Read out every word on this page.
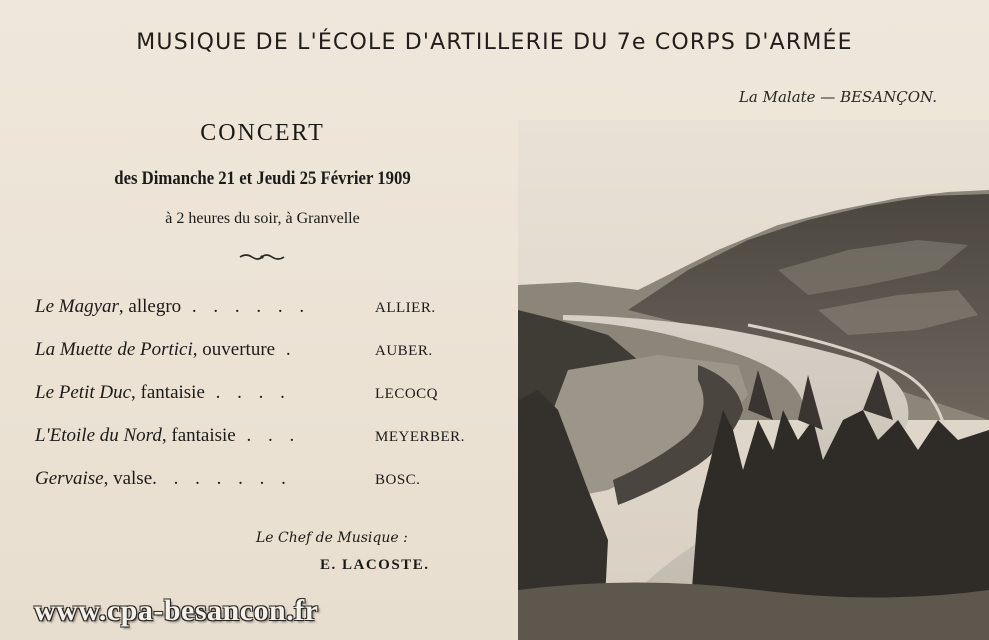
MUSIQUE DE L'ÉCOLE D'ARTILLERIE DU 7e CORPS D'ARMÉE
La Malate — BESANÇON.
CONCERT
des Dimanche 21 et Jeudi 25 Février 1909
à 2 heures du soir, à Granvelle
Le Magyar, allegro . . . . . .	ALLIER.
La Muette de Portici, ouverture .	AUBER.
Le Petit Duc, fantaisie . . . .	LECOCQ
L'Etoile du Nord, fantaisie . . .	MEYERBER.
Gervaise, valse. . . . . . .	BOSC.
Le Chef de Musique :
E. LACOSTE.
www.cpa-besancon.fr
